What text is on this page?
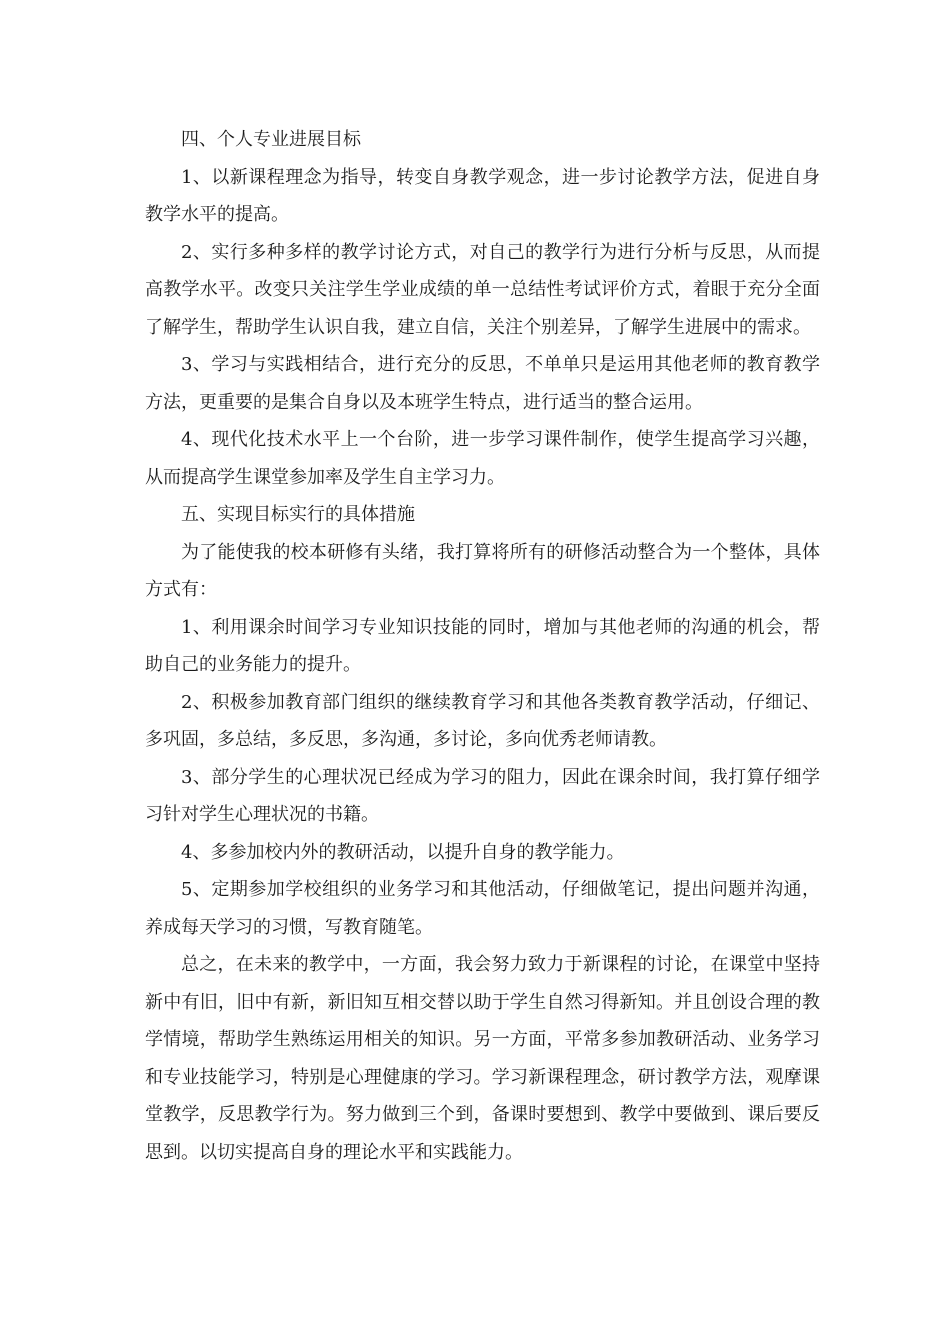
四、个人专业进展目标

1、以新课程理念为指导，转变自身教学观念，进一步讨论教学方法，促进自身教学水平的提高。

2、实行多种多样的教学讨论方式，对自己的教学行为进行分析与反思，从而提高教学水平。改变只关注学生学业成绩的单一总结性考试评价方式，着眼于充分全面了解学生，帮助学生认识自我，建立自信，关注个别差异，了解学生进展中的需求。

3、学习与实践相结合，进行充分的反思，不单单只是运用其他老师的教育教学方法，更重要的是集合自身以及本班学生特点，进行适当的整合运用。

4、现代化技术水平上一个台阶，进一步学习课件制作，使学生提高学习兴趣，从而提高学生课堂参加率及学生自主学习力。

五、实现目标实行的具体措施

为了能使我的校本研修有头绪，我打算将所有的研修活动整合为一个整体，具体方式有：

1、利用课余时间学习专业知识技能的同时，增加与其他老师的沟通的机会，帮助自己的业务能力的提升。

2、积极参加教育部门组织的继续教育学习和其他各类教育教学活动，仔细记、多巩固，多总结，多反思，多沟通，多讨论，多向优秀老师请教。

3、部分学生的心理状况已经成为学习的阻力，因此在课余时间，我打算仔细学习针对学生心理状况的书籍。

4、多参加校内外的教研活动，以提升自身的教学能力。

5、定期参加学校组织的业务学习和其他活动，仔细做笔记，提出问题并沟通，养成每天学习的习惯，写教育随笔。

总之，在未来的教学中，一方面，我会努力致力于新课程的讨论，在课堂中坚持新中有旧，旧中有新，新旧知互相交替以助于学生自然习得新知。并且创设合理的教学情境，帮助学生熟练运用相关的知识。另一方面，平常多参加教研活动、业务学习和专业技能学习，特别是心理健康的学习。学习新课程理念，研讨教学方法，观摩课堂教学，反思教学行为。努力做到三个到，备课时要想到、教学中要做到、课后要反思到。以切实提高自身的理论水平和实践能力。
